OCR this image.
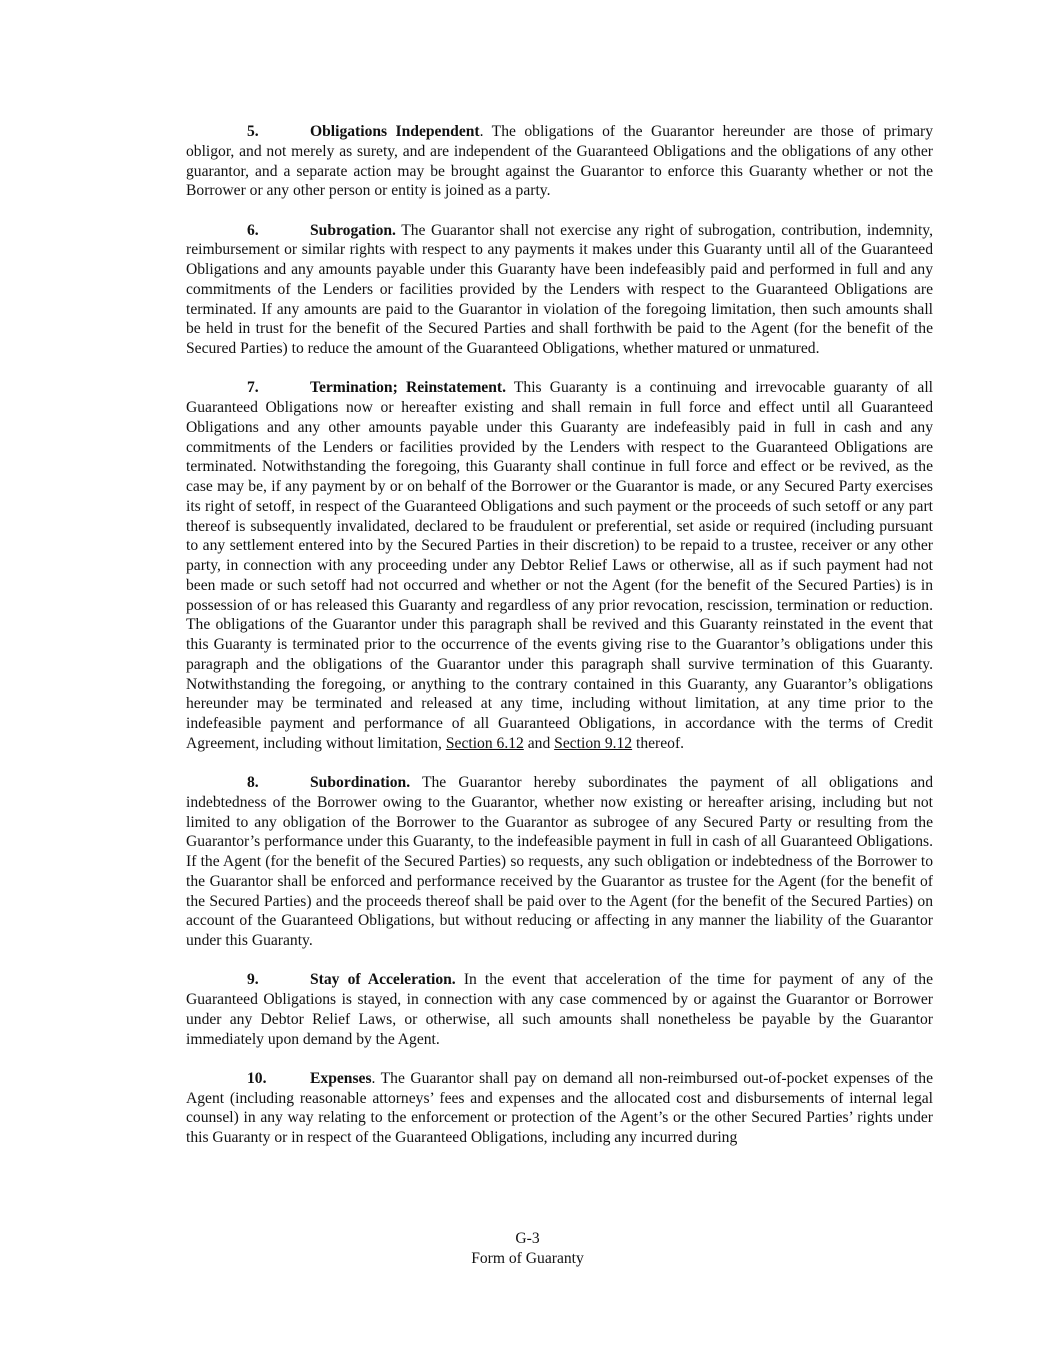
5.	Obligations Independent. The obligations of the Guarantor hereunder are those of primary obligor, and not merely as surety, and are independent of the Guaranteed Obligations and the obligations of any other guarantor, and a separate action may be brought against the Guarantor to enforce this Guaranty whether or not the Borrower or any other person or entity is joined as a party.

6.	Subrogation. The Guarantor shall not exercise any right of subrogation, contribution, indemnity, reimbursement or similar rights with respect to any payments it makes under this Guaranty until all of the Guaranteed Obligations and any amounts payable under this Guaranty have been indefeasibly paid and performed in full and any commitments of the Lenders or facilities provided by the Lenders with respect to the Guaranteed Obligations are terminated. If any amounts are paid to the Guarantor in violation of the foregoing limitation, then such amounts shall be held in trust for the benefit of the Secured Parties and shall forthwith be paid to the Agent (for the benefit of the Secured Parties) to reduce the amount of the Guaranteed Obligations, whether matured or unmatured.

7.	Termination; Reinstatement. This Guaranty is a continuing and irrevocable guaranty of all Guaranteed Obligations now or hereafter existing and shall remain in full force and effect until all Guaranteed Obligations and any other amounts payable under this Guaranty are indefeasibly paid in full in cash and any commitments of the Lenders or facilities provided by the Lenders with respect to the Guaranteed Obligations are terminated. Notwithstanding the foregoing, this Guaranty shall continue in full force and effect or be revived, as the case may be, if any payment by or on behalf of the Borrower or the Guarantor is made, or any Secured Party exercises its right of setoff, in respect of the Guaranteed Obligations and such payment or the proceeds of such setoff or any part thereof is subsequently invalidated, declared to be fraudulent or preferential, set aside or required (including pursuant to any settlement entered into by the Secured Parties in their discretion) to be repaid to a trustee, receiver or any other party, in connection with any proceeding under any Debtor Relief Laws or otherwise, all as if such payment had not been made or such setoff had not occurred and whether or not the Agent (for the benefit of the Secured Parties) is in possession of or has released this Guaranty and regardless of any prior revocation, rescission, termination or reduction. The obligations of the Guarantor under this paragraph shall be revived and this Guaranty reinstated in the event that this Guaranty is terminated prior to the occurrence of the events giving rise to the Guarantor’s obligations under this paragraph and the obligations of the Guarantor under this paragraph shall survive termination of this Guaranty. Notwithstanding the foregoing, or anything to the contrary contained in this Guaranty, any Guarantor’s obligations hereunder may be terminated and released at any time, including without limitation, at any time prior to the indefeasible payment and performance of all Guaranteed Obligations, in accordance with the terms of Credit Agreement, including without limitation, Section 6.12 and Section 9.12 thereof.

8.	Subordination. The Guarantor hereby subordinates the payment of all obligations and indebtedness of the Borrower owing to the Guarantor, whether now existing or hereafter arising, including but not limited to any obligation of the Borrower to the Guarantor as subrogee of any Secured Party or resulting from the Guarantor’s performance under this Guaranty, to the indefeasible payment in full in cash of all Guaranteed Obligations. If the Agent (for the benefit of the Secured Parties) so requests, any such obligation or indebtedness of the Borrower to the Guarantor shall be enforced and performance received by the Guarantor as trustee for the Agent (for the benefit of the Secured Parties) and the proceeds thereof shall be paid over to the Agent (for the benefit of the Secured Parties) on account of the Guaranteed Obligations, but without reducing or affecting in any manner the liability of the Guarantor under this Guaranty.

9.	Stay of Acceleration. In the event that acceleration of the time for payment of any of the Guaranteed Obligations is stayed, in connection with any case commenced by or against the Guarantor or Borrower under any Debtor Relief Laws, or otherwise, all such amounts shall nonetheless be payable by the Guarantor immediately upon demand by the Agent.

10.	Expenses. The Guarantor shall pay on demand all non-reimbursed out-of-pocket expenses of the Agent (including reasonable attorneys’ fees and expenses and the allocated cost and disbursements of internal legal counsel) in any way relating to the enforcement or protection of the Agent’s or the other Secured Parties’ rights under this Guaranty or in respect of the Guaranteed Obligations, including any incurred during

G-3
Form of Guaranty
